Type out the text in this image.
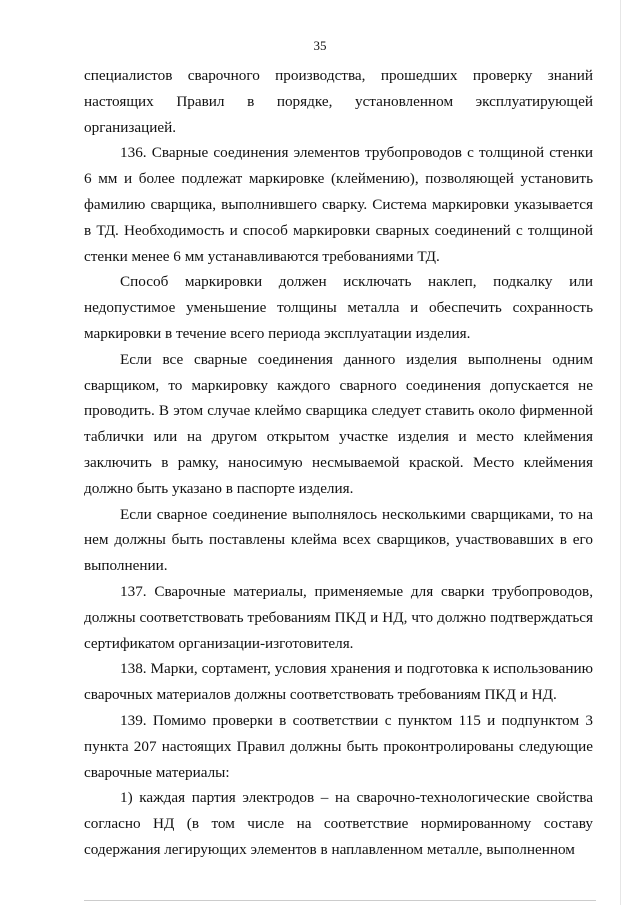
35

специалистов сварочного производства, прошедших проверку знаний настоящих Правил в порядке, установленном эксплуатирующей организацией.

136. Сварные соединения элементов трубопроводов с толщиной стенки 6 мм и более подлежат маркировке (клеймению), позволяющей установить фамилию сварщика, выполнившего сварку. Система маркировки указывается в ТД. Необходимость и способ маркировки сварных соединений с толщиной стенки менее 6 мм устанавливаются требованиями ТД.

Способ маркировки должен исключать наклеп, подкалку или недопустимое уменьшение толщины металла и обеспечить сохранность маркировки в течение всего периода эксплуатации изделия.

Если все сварные соединения данного изделия выполнены одним сварщиком, то маркировку каждого сварного соединения допускается не проводить. В этом случае клеймо сварщика следует ставить около фирменной таблички или на другом открытом участке изделия и место клеймения заключить в рамку, наносимую несмываемой краской. Место клеймения должно быть указано в паспорте изделия.

Если сварное соединение выполнялось несколькими сварщиками, то на нем должны быть поставлены клейма всех сварщиков, участвовавших в его выполнении.

137. Сварочные материалы, применяемые для сварки трубопроводов, должны соответствовать требованиям ПКД и НД, что должно подтверждаться сертификатом организации-изготовителя.

138. Марки, сортамент, условия хранения и подготовка к использованию сварочных материалов должны соответствовать требованиям ПКД и НД.

139. Помимо проверки в соответствии с пунктом 115 и подпунктом 3 пункта 207 настоящих Правил должны быть проконтролированы следующие сварочные материалы:

1) каждая партия электродов – на сварочно-технологические свойства согласно НД (в том числе на соответствие нормированному составу содержания легирующих элементов в наплавленном металле, выполненном
